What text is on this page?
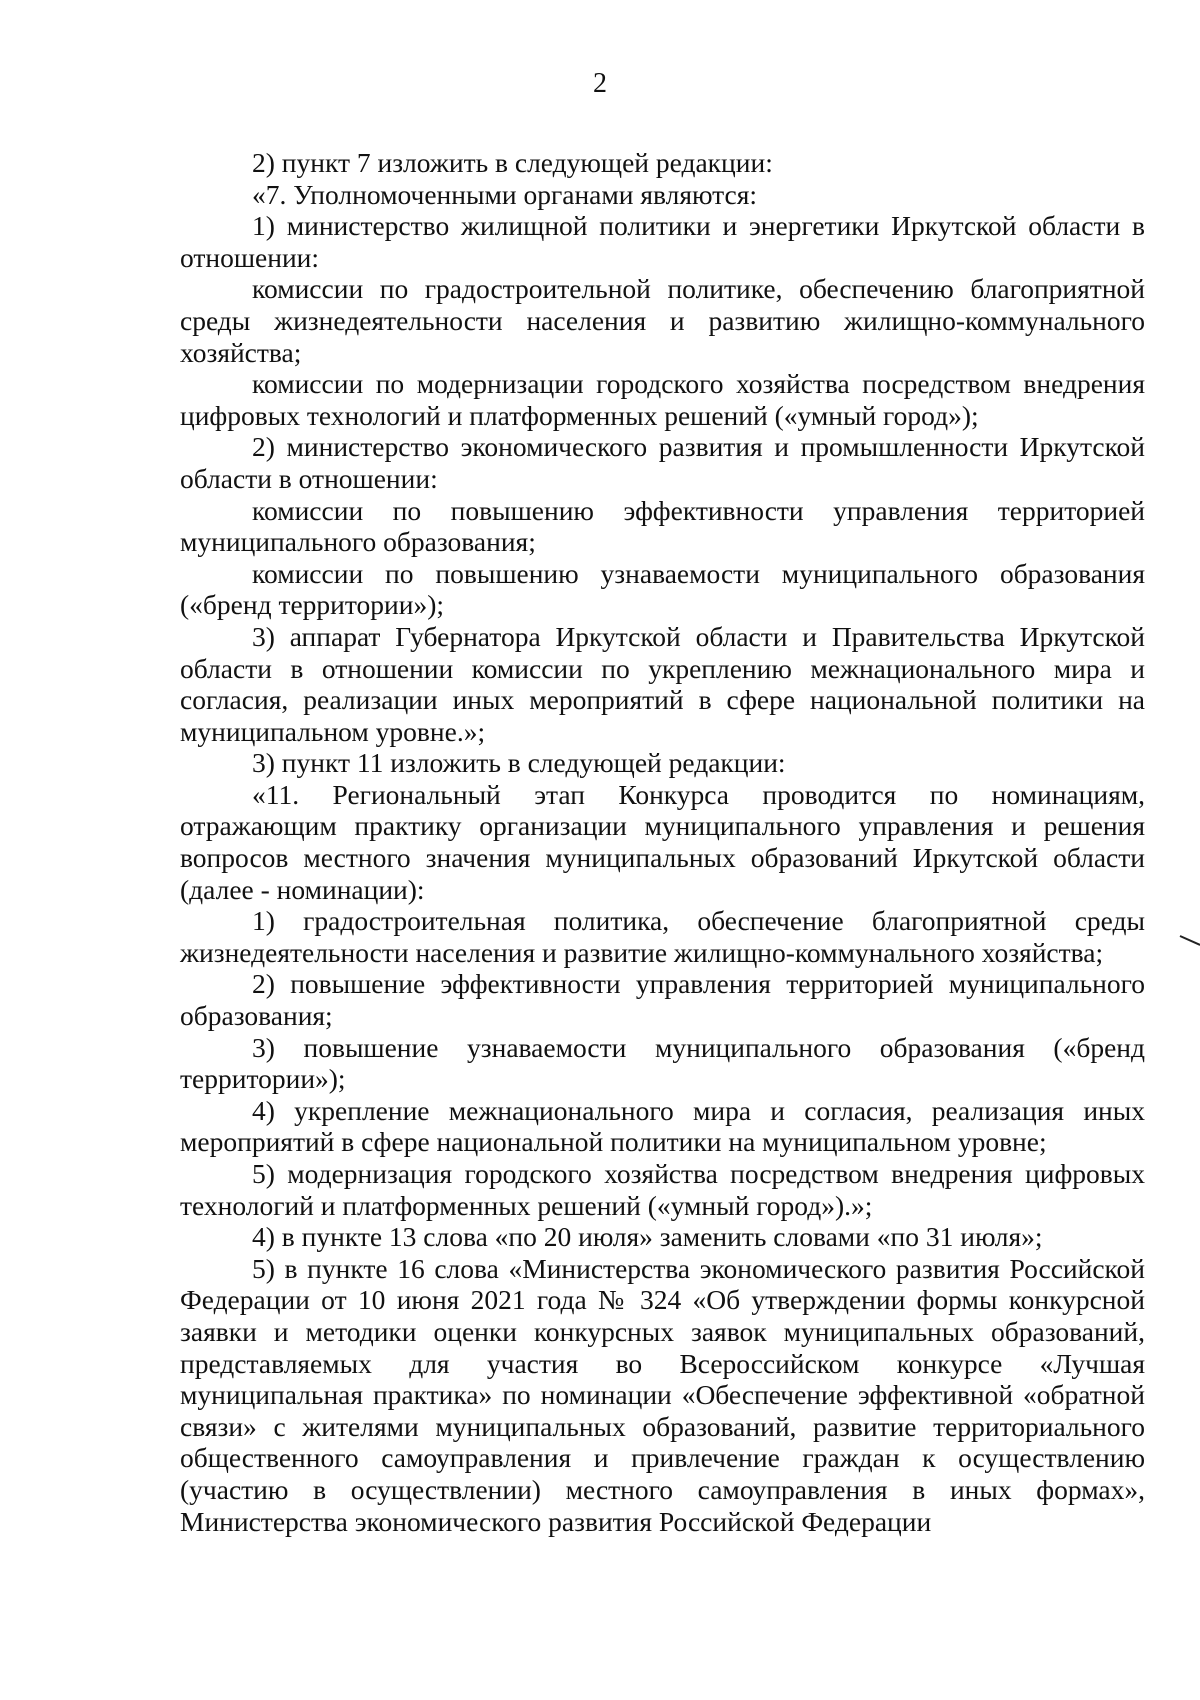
2

2) пункт 7 изложить в следующей редакции:

«7. Уполномоченными органами являются:

1) министерство жилищной политики и энергетики Иркутской области в отношении:

комиссии по градостроительной политике, обеспечению благоприятной среды жизнедеятельности населения и развитию жилищно-коммунального хозяйства;

комиссии по модернизации городского хозяйства посредством внедрения цифровых технологий и платформенных решений («умный город»);

2) министерство экономического развития и промышленности Иркутской области в отношении:

комиссии по повышению эффективности управления территорией муниципального образования;

комиссии по повышению узнаваемости муниципального образования («бренд территории»);

3) аппарат Губернатора Иркутской области и Правительства Иркутской области в отношении комиссии по укреплению межнационального мира и согласия, реализации иных мероприятий в сфере национальной политики на муниципальном уровне.»;

3) пункт 11 изложить в следующей редакции:

«11. Региональный этап Конкурса проводится по номинациям, отражающим практику организации муниципального управления и решения вопросов местного значения муниципальных образований Иркутской области (далее - номинации):

1) градостроительная политика, обеспечение благоприятной среды жизнедеятельности населения и развитие жилищно-коммунального хозяйства;

2) повышение эффективности управления территорией муниципального образования;

3) повышение узнаваемости муниципального образования («бренд территории»);

4) укрепление межнационального мира и согласия, реализация иных мероприятий в сфере национальной политики на муниципальном уровне;

5) модернизация городского хозяйства посредством внедрения цифровых технологий и платформенных решений («умный город»).»;

4) в пункте 13 слова «по 20 июля» заменить словами «по 31 июля»;

5) в пункте 16 слова «Министерства экономического развития Российской Федерации от 10 июня 2021 года № 324 «Об утверждении формы конкурсной заявки и методики оценки конкурсных заявок муниципальных образований, представляемых для участия во Всероссийском конкурсе «Лучшая муниципальная практика» по номинации «Обеспечение эффективной «обратной связи» с жителями муниципальных образований, развитие территориального общественного самоуправления и привлечение граждан к осуществлению (участию в осуществлении) местного самоуправления в иных формах», Министерства экономического развития Российской Федерации
